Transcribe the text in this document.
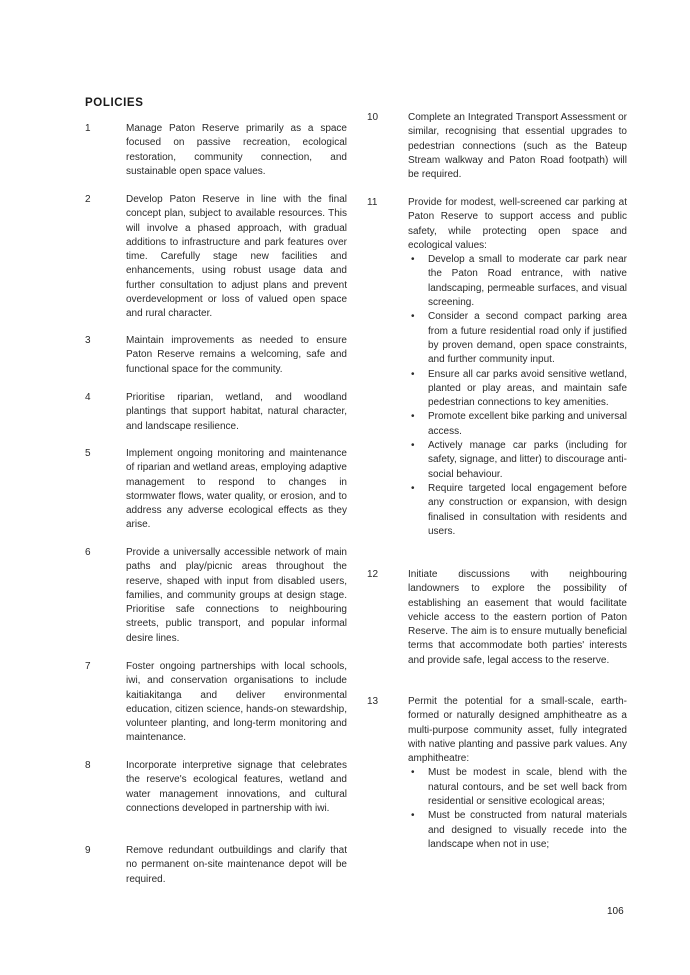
POLICIES
1	Manage Paton Reserve primarily as a space focused on passive recreation, ecological restoration, community connection, and sustainable open space values.
2	Develop Paton Reserve in line with the final concept plan, subject to available resources. This will involve a phased approach, with gradual additions to infrastructure and park features over time. Carefully stage new facilities and enhancements, using robust usage data and further consultation to adjust plans and prevent overdevelopment or loss of valued open space and rural character.
3	Maintain improvements as needed to ensure Paton Reserve remains a welcoming, safe and functional space for the community.
4	Prioritise riparian, wetland, and woodland plantings that support habitat, natural character, and landscape resilience.
5	Implement ongoing monitoring and maintenance of riparian and wetland areas, employing adaptive management to respond to changes in stormwater flows, water quality, or erosion, and to address any adverse ecological effects as they arise.
6	Provide a universally accessible network of main paths and play/picnic areas throughout the reserve, shaped with input from disabled users, families, and community groups at design stage. Prioritise safe connections to neighbouring streets, public transport, and popular informal desire lines.
7	Foster ongoing partnerships with local schools, iwi, and conservation organisations to include kaitiakitanga and deliver environmental education, citizen science, hands-on stewardship, volunteer planting, and long-term monitoring and maintenance.
8	Incorporate interpretive signage that celebrates the reserve's ecological features, wetland and water management innovations, and cultural connections developed in partnership with iwi.
9	Remove redundant outbuildings and clarify that no permanent on-site maintenance depot will be required.
10	Complete an Integrated Transport Assessment or similar, recognising that essential upgrades to pedestrian connections (such as the Bateup Stream walkway and Paton Road footpath) will be required.
11	Provide for modest, well-screened car parking at Paton Reserve to support access and public safety, while protecting open space and ecological values:
• Develop a small to moderate car park near the Paton Road entrance, with native landscaping, permeable surfaces, and visual screening.
• Consider a second compact parking area from a future residential road only if justified by proven demand, open space constraints, and further community input.
• Ensure all car parks avoid sensitive wetland, planted or play areas, and maintain safe pedestrian connections to key amenities.
• Promote excellent bike parking and universal access.
• Actively manage car parks (including for safety, signage, and litter) to discourage anti-social behaviour.
• Require targeted local engagement before any construction or expansion, with design finalised in consultation with residents and users.
12	Initiate discussions with neighbouring landowners to explore the possibility of establishing an easement that would facilitate vehicle access to the eastern portion of Paton Reserve. The aim is to ensure mutually beneficial terms that accommodate both parties' interests and provide safe, legal access to the reserve.
13	Permit the potential for a small-scale, earth-formed or naturally designed amphitheatre as a multi-purpose community asset, fully integrated with native planting and passive park values. Any amphitheatre:
• Must be modest in scale, blend with the natural contours, and be set well back from residential or sensitive ecological areas;
• Must be constructed from natural materials and designed to visually recede into the landscape when not in use;
106
